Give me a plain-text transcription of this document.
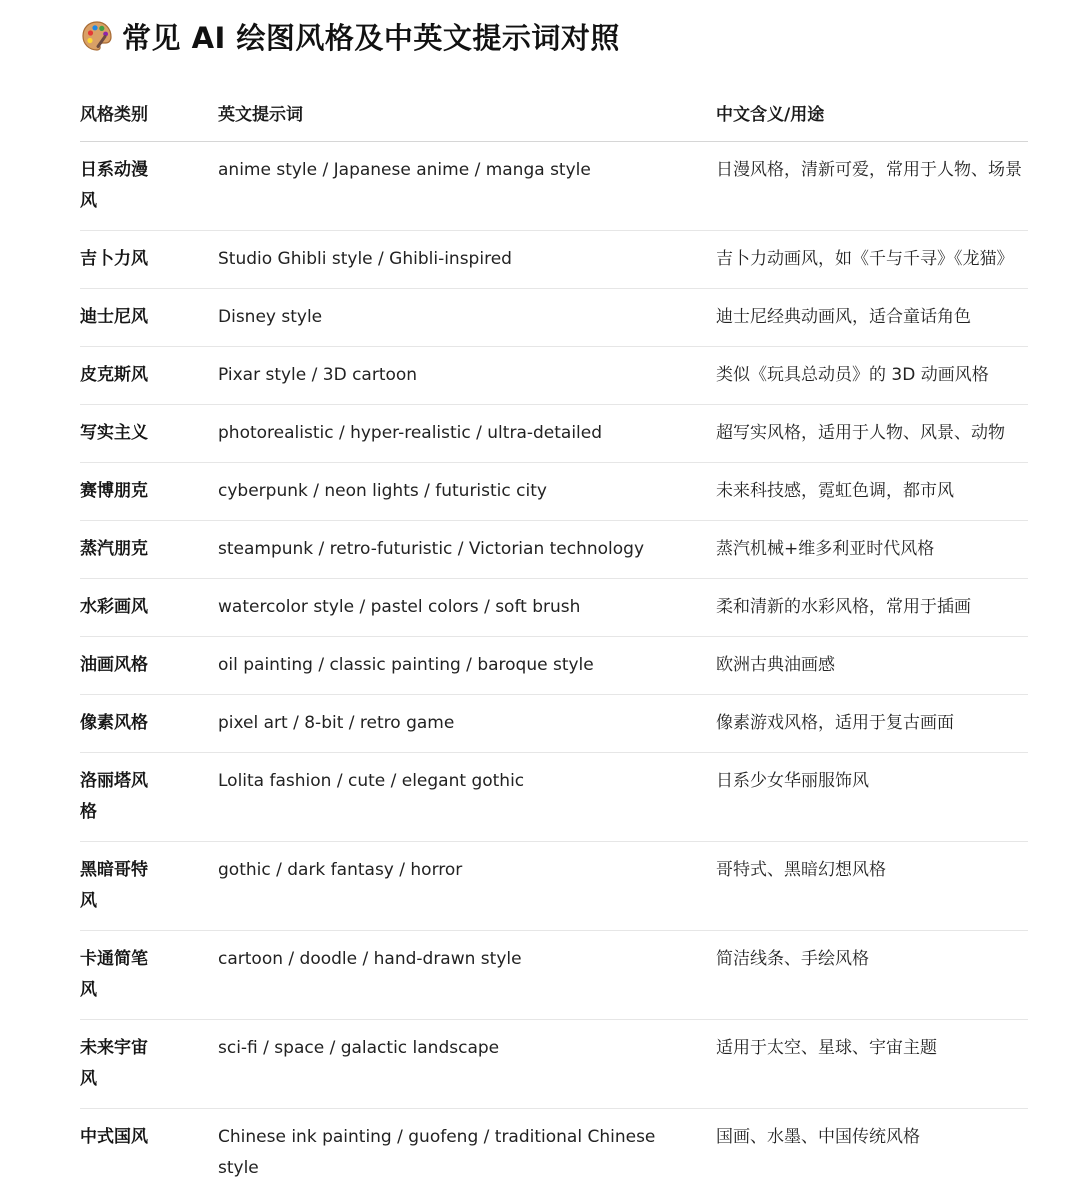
常见 AI 绘图风格及中英文提示词对照
风格类别	英文提示词	中文含义/用途

日系动漫风	anime style / Japanese anime / manga style	日漫风格，清新可爱，常用于人物、场景

吉卜力风	Studio Ghibli style / Ghibli-inspired	吉卜力动画风，如《千与千寻》《龙猫》

迪士尼风	Disney style	迪士尼经典动画风，适合童话角色

皮克斯风	Pixar style / 3D cartoon	类似《玩具总动员》的 3D 动画风格

写实主义	photorealistic / hyper-realistic / ultra-detailed	超写实风格，适用于人物、风景、动物

赛博朋克	cyberpunk / neon lights / futuristic city	未来科技感，霓虹色调，都市风

蒸汽朋克	steampunk / retro-futuristic / Victorian technology	蒸汽机械+维多利亚时代风格

水彩画风	watercolor style / pastel colors / soft brush	柔和清新的水彩风格，常用于插画

油画风格	oil painting / classic painting / baroque style	欧洲古典油画感

像素风格	pixel art / 8-bit / retro game	像素游戏风格，适用于复古画面

洛丽塔风格	Lolita fashion / cute / elegant gothic	日系少女华丽服饰风

黑暗哥特风	gothic / dark fantasy / horror	哥特式、黑暗幻想风格

卡通简笔风	cartoon / doodle / hand-drawn style	简洁线条、手绘风格

未来宇宙风	sci-fi / space / galactic landscape	适用于太空、星球、宇宙主题

中式国风	Chinese ink painting / guofeng / traditional Chinese style	国画、水墨、中国传统风格
